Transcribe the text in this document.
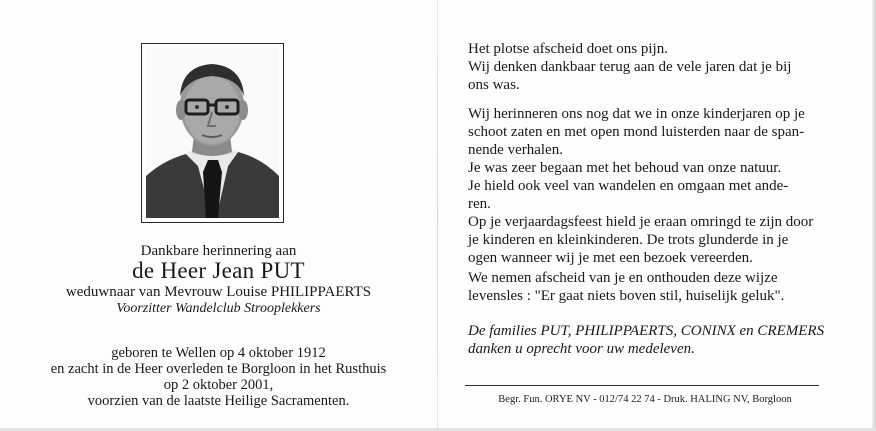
Dankbare herinnering aan
de Heer Jean PUT
weduwnaar van Mevrouw Louise PHILIPPAERTS
Voorzitter Wandelclub Strooplekkers
geboren te Wellen op 4 oktober 1912
en zacht in de Heer overleden te Borgloon in het Rusthuis
op 2 oktober 2001,
voorzien van de laatste Heilige Sacramenten.
Het plotse afscheid doet ons pijn.
Wij denken dankbaar terug aan de vele jaren dat je bij
ons was.
Wij herinneren ons nog dat we in onze kinderjaren op je
schoot zaten en met open mond luisterden naar de span-
nende verhalen.
Je was zeer begaan met het behoud van onze natuur.
Je hield ook veel van wandelen en omgaan met ande-
ren.
Op je verjaardagsfeest hield je eraan omringd te zijn door
je kinderen en kleinkinderen. De trots glunderde in je
ogen wanneer wij je met een bezoek vereerden.
We nemen afscheid van je en onthouden deze wijze
levensles : "Er gaat niets boven stil, huiselijk geluk".
De families PUT, PHILIPPAERTS, CONINX en CREMERS
danken u oprecht voor uw medeleven.
Begr. Fun. ORYE NV - 012/74 22 74 - Druk. HALING NV, Borgloon
